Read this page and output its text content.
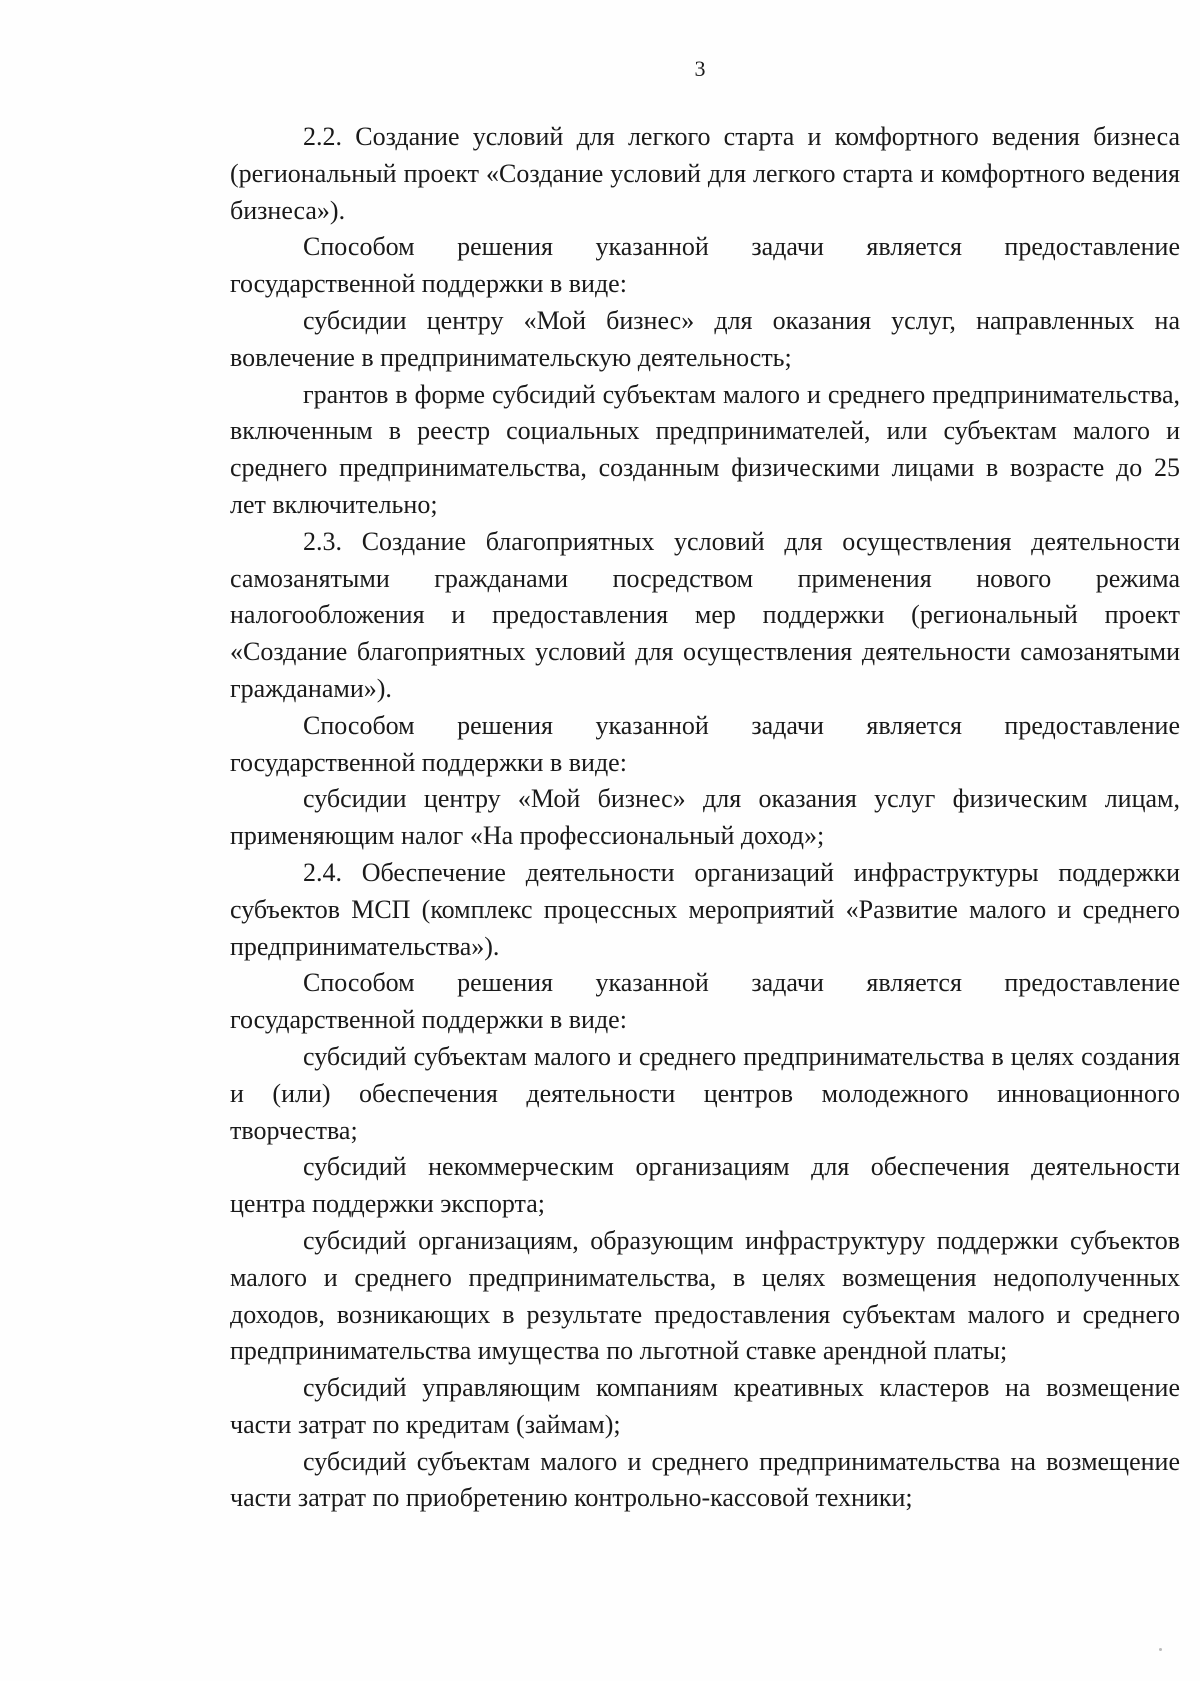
3

2.2. Создание условий для легкого старта и комфортного ведения бизнеса (региональный проект «Создание условий для легкого старта и комфортного ведения бизнеса»).

Способом решения указанной задачи является предоставление государственной поддержки в виде:

субсидии центру «Мой бизнес» для оказания услуг, направленных на вовлечение в предпринимательскую деятельность;

грантов в форме субсидий субъектам малого и среднего предпринимательства, включенным в реестр социальных предпринимателей, или субъектам малого и среднего предпринимательства, созданным физическими лицами в возрасте до 25 лет включительно;

2.3. Создание благоприятных условий для осуществления деятельности самозанятыми гражданами посредством применения нового режима налогообложения и предоставления мер поддержки (региональный проект «Создание благоприятных условий для осуществления деятельности самозанятыми гражданами»).

Способом решения указанной задачи является предоставление государственной поддержки в виде:

субсидии центру «Мой бизнес» для оказания услуг физическим лицам, применяющим налог «На профессиональный доход»;

2.4. Обеспечение деятельности организаций инфраструктуры поддержки субъектов МСП (комплекс процессных мероприятий «Развитие малого и среднего предпринимательства»).

Способом решения указанной задачи является предоставление государственной поддержки в виде:

субсидий субъектам малого и среднего предпринимательства в целях создания и (или) обеспечения деятельности центров молодежного инновационного творчества;

субсидий некоммерческим организациям для обеспечения деятельности центра поддержки экспорта;

субсидий организациям, образующим инфраструктуру поддержки субъектов малого и среднего предпринимательства, в целях возмещения недополученных доходов, возникающих в результате предоставления субъектам малого и среднего предпринимательства имущества по льготной ставке арендной платы;

субсидий управляющим компаниям креативных кластеров на возмещение части затрат по кредитам (займам);

субсидий субъектам малого и среднего предпринимательства на возмещение части затрат по приобретению контрольно-кассовой техники;
